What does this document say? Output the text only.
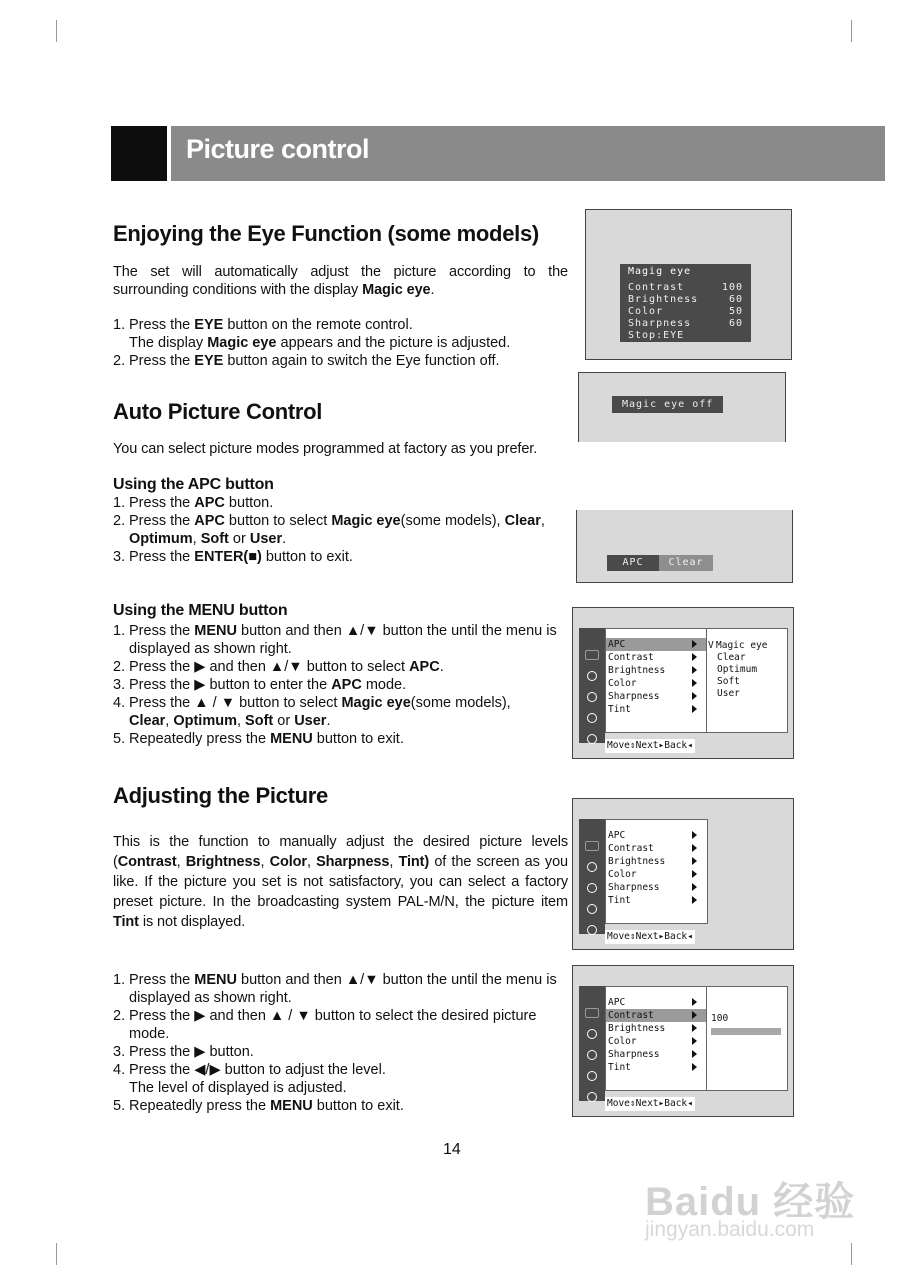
Picture control
Enjoying the Eye Function (some models)
The set will automatically adjust the picture according to the surrounding conditions with the display Magic eye.
1. Press the EYE button on the remote control.
The display Magic eye appears and the picture is adjusted.
2. Press the EYE button again to switch the Eye function off.
Magig eye
Contrast	100
Brightness	60
Color	50
Sharpness	60
Stop:EYE
Magic eye off
Auto Picture Control
You can select picture modes programmed at factory as you prefer.
Using the APC button
1. Press the APC button.
2. Press the APC button to select Magic eye(some models), Clear,
Optimum, Soft or User.
3. Press the ENTER(■) button to exit.	APC	Clear
Using the MENU button
1. Press the MENU button and then ▲/▼ button the until the menu is
displayed as shown right.
2. Press the ▶ and then ▲/▼ button to select APC.
3. Press the ▶ button to enter the APC mode.
4. Press the ▲ / ▼ button to select Magic eye(some models),
Clear, Optimum, Soft or User.
5. Repeatedly press the MENU button to exit.
APC
Contrast
Brightness
Color
Sharpness
Tint
V Magic eye
Clear
Optimum
Soft
User
Move⇕Next▸Back◂
Adjusting the Picture
This is the function to manually adjust the desired picture levels (Contrast, Brightness, Color, Sharpness, Tint) of the screen as you like. If the picture you set is not satisfactory, you can select a factory preset picture. In the broadcasting system PAL-M/N, the picture item Tint is not displayed.
APC
Contrast
Brightness
Color
Sharpness
Tint
Move⇕Next▸Back◂
1. Press the MENU button and then ▲/▼ button the until the menu is
displayed as shown right.
2. Press the ▶ and then ▲ / ▼ button to select the desired picture
mode.
3. Press the ▶ button.
4. Press the ◀/▶ button to adjust the level.
The level of displayed is adjusted.
5. Repeatedly press the MENU button to exit.
APC
Contrast
Brightness
Color
Sharpness
Tint
100
Move⇕Next▸Back◂
14
Baidu 经验
jingyan.baidu.com
